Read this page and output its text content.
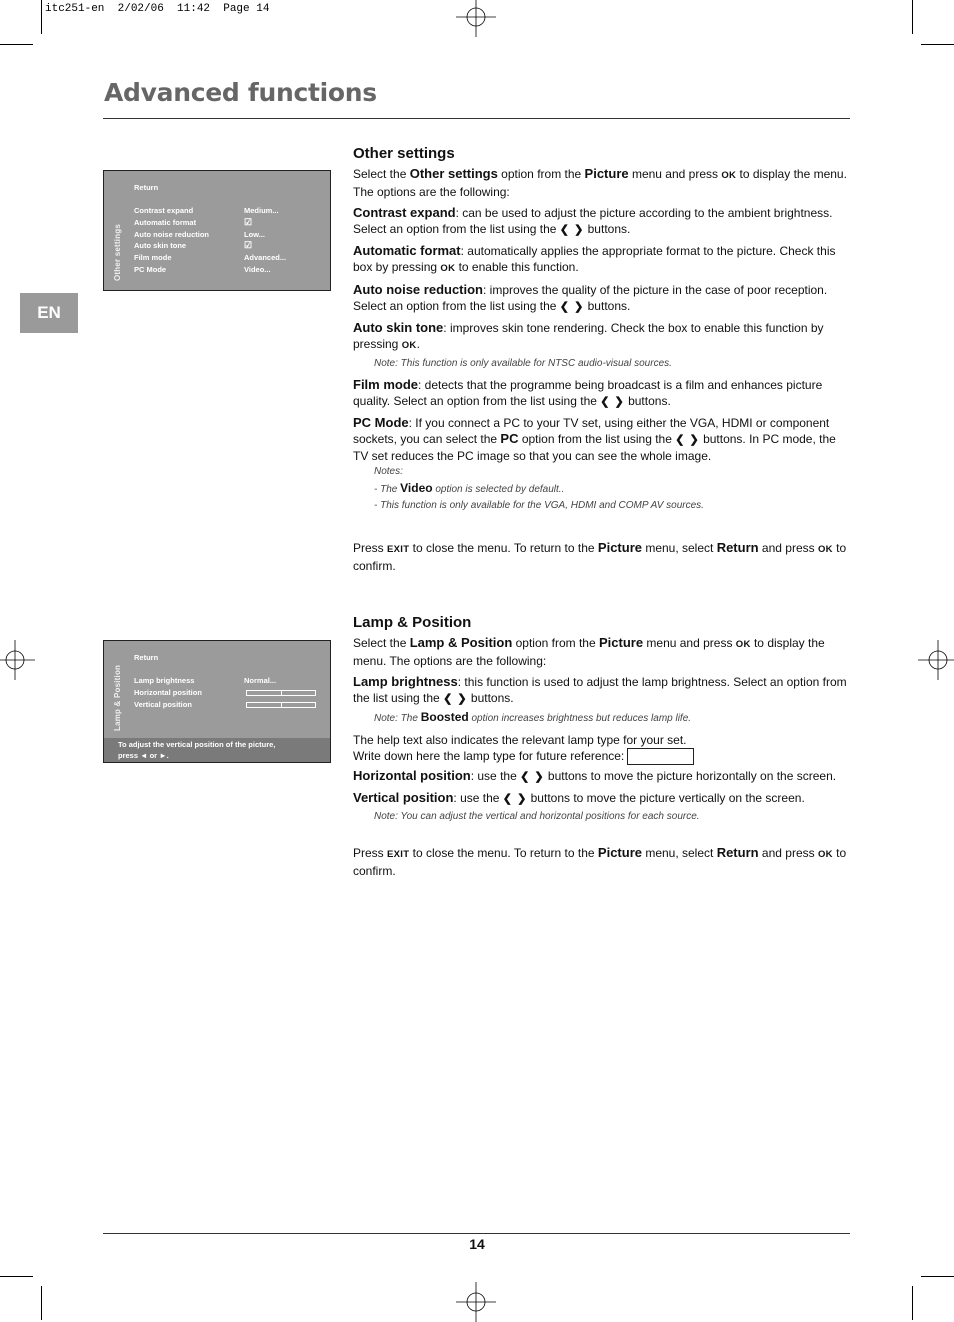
itc251-en  2/02/06  11:42  Page 14
Advanced functions
EN
Other settings
Return
Contrast expand	Medium...
Automatic format	☑
Auto noise reduction	Low...
Auto skin tone	☑
Film mode	Advanced...
PC Mode	Video...
Lamp & Position
Return
Lamp brightness	Normal...
Horizontal position
Vertical position
To adjust the vertical position of the picture,
press ◄ or ►.
Other settings

Select the Other settings option from the Picture menu and press OK to display the menu. The options are the following:

Contrast expand: can be used to adjust the picture according to the ambient brightness. Select an option from the list using the ❮ ❯ buttons.

Automatic format: automatically applies the appropriate format to the picture. Check this box by pressing OK to enable this function.

Auto noise reduction: improves the quality of the picture in the case of poor reception. Select an option from the list using the ❮ ❯ buttons.

Auto skin tone: improves skin tone rendering. Check the box to enable this function by pressing OK.

Note: This function is only available for NTSC audio-visual sources.

Film mode: detects that the programme being broadcast is a film and enhances picture quality. Select an option from the list using the ❮ ❯ buttons.

PC Mode: If you connect a PC to your TV set, using either the VGA, HDMI or component sockets, you can select the PC option from the list using the ❮ ❯ buttons. In PC mode, the TV set reduces the PC image so that you can see the whole image.

Notes:
- The Video option is selected by default..
- This function is only available for the VGA, HDMI and COMP AV sources.

Press EXIT to close the menu. To return to the Picture menu, select Return and press OK to confirm.

Lamp & Position

Select the Lamp & Position option from the Picture menu and press OK to display the menu. The options are the following:

Lamp brightness: this function is used to adjust the lamp brightness. Select an option from the list using the ❮ ❯ buttons.

Note: The Boosted option increases brightness but reduces lamp life.

The help text also indicates the relevant lamp type for your set.
Write down here the lamp type for future reference:

Horizontal position: use the ❮ ❯ buttons to move the picture horizontally on the screen.

Vertical position: use the ❮ ❯ buttons to move the picture vertically on the screen.

Note: You can adjust the vertical and horizontal positions for each source.

Press EXIT to close the menu. To return to the Picture menu, select Return and press OK to confirm.

14
